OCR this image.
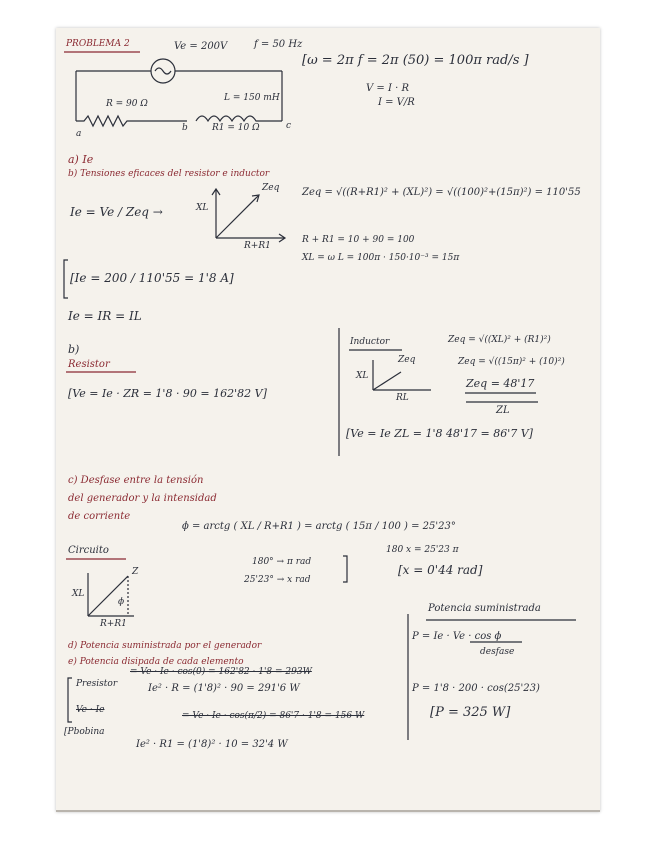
PROBLEMA 2	Ve = 200V	f = 50 Hz
[ω = 2π f = 2π (50) = 100π rad/s ]
V = I · R
I = V/R
R = 90 Ω
L = 150 mH
R1 = 10 Ω
a
b	c
a) Ie
b) Tensiones eficaces del resistor e inductor
Ie = Ve / Zeq →	XL
Zeq
R+R1
Zeq = √((R+R1)² + (XL)²) = √((100)²+(15π)²) = 110'55
R + R1 = 10 + 90 = 100
XL = ω L = 100π · 150·10⁻³ = 15π
[Ie = 200 / 110'55 = 1'8 A]
Ie = IR = IL
b)
Resistor
[Ve = Ie · ZR = 1'8 · 90 = 162'82 V]
Inductor
XL
Zeq
RL
Zeq = √((XL)² + (R1)²)
Zeq = √((15π)² + (10)²)
Zeq = 48'17
ZL
[Ve = Ie ZL = 1'8 48'17 = 86'7 V]
c) Desfase entre la tensión
del generador y la intensidad
de corriente
Circuito
ϕ = arctg ( XL / R+R1 ) = arctg ( 15π / 100 ) = 25'23°
180° → π rad
25'23° → x rad
180 x = 25'23 π
[x = 0'44 rad]
XL
Z
ϕ
R+R1
d) Potencia suministrada por el generador
e) Potencia disipada de cada elemento
Presistor
= Ve · Ie · cos(0) = 162'82 · 1'8 = 293W
Ie² · R = (1'8)² · 90 = 291'6 W
Ve · Ie
[Pbobina
= Ve · Ie · cos(π/2) = 86'7 · 1'8 = 156 W
Ie² · R1 = (1'8)² · 10 = 32'4 W
Potencia suministrada
P = Ie · Ve · cos ϕ
desfase
P = 1'8 · 200 · cos(25'23)
[P = 325 W]
